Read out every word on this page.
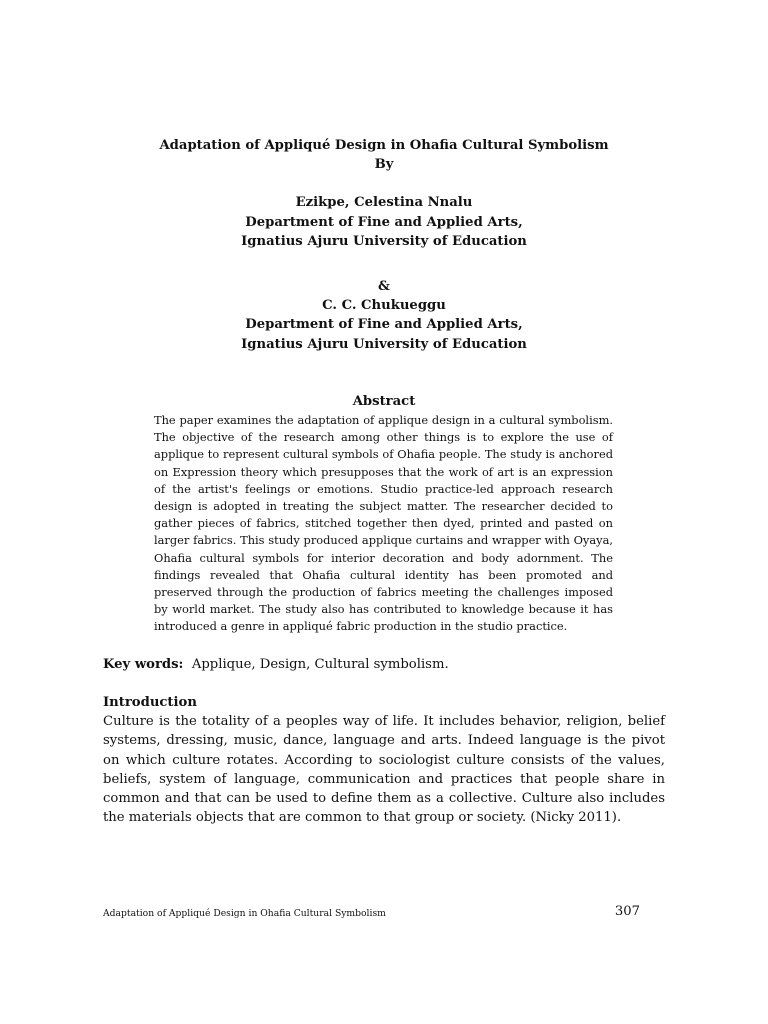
Adaptation of Appliqué Design in Ohafia Cultural Symbolism
By
Ezikpe, Celestina Nnalu
Department of Fine and Applied Arts,
Ignatius Ajuru University of Education
&
C. C. Chukueggu
Department of Fine and Applied Arts,
Ignatius Ajuru University of Education
Abstract
The paper examines the adaptation of applique design in a cultural symbolism. The objective of the research among other things is to explore the use of applique to represent cultural symbols of Ohafia people. The study is anchored on Expression theory which presupposes that the work of art is an expression of the artist's feelings or emotions. Studio practice-led approach research design is adopted in treating the subject matter. The researcher decided to gather pieces of fabrics, stitched together then dyed, printed and pasted on larger fabrics. This study produced applique curtains and wrapper with Oyaya, Ohafia cultural symbols for interior decoration and body adornment. The findings revealed that Ohafia cultural identity has been promoted and preserved through the production of fabrics meeting the challenges imposed by world market. The study also has contributed to knowledge because it has introduced a genre in appliqué fabric production in the studio practice.
Key words: Applique, Design, Cultural symbolism.
Introduction
Culture is the totality of a peoples way of life. It includes behavior, religion, belief systems, dressing, music, dance, language and arts. Indeed language is the pivot on which culture rotates. According to sociologist culture consists of the values, beliefs, system of language, communication and practices that people share in common and that can be used to define them as a collective. Culture also includes the materials objects that are common to that group or society. (Nicky 2011).
Adaptation of Appliqué Design in Ohafia Cultural Symbolism	307
